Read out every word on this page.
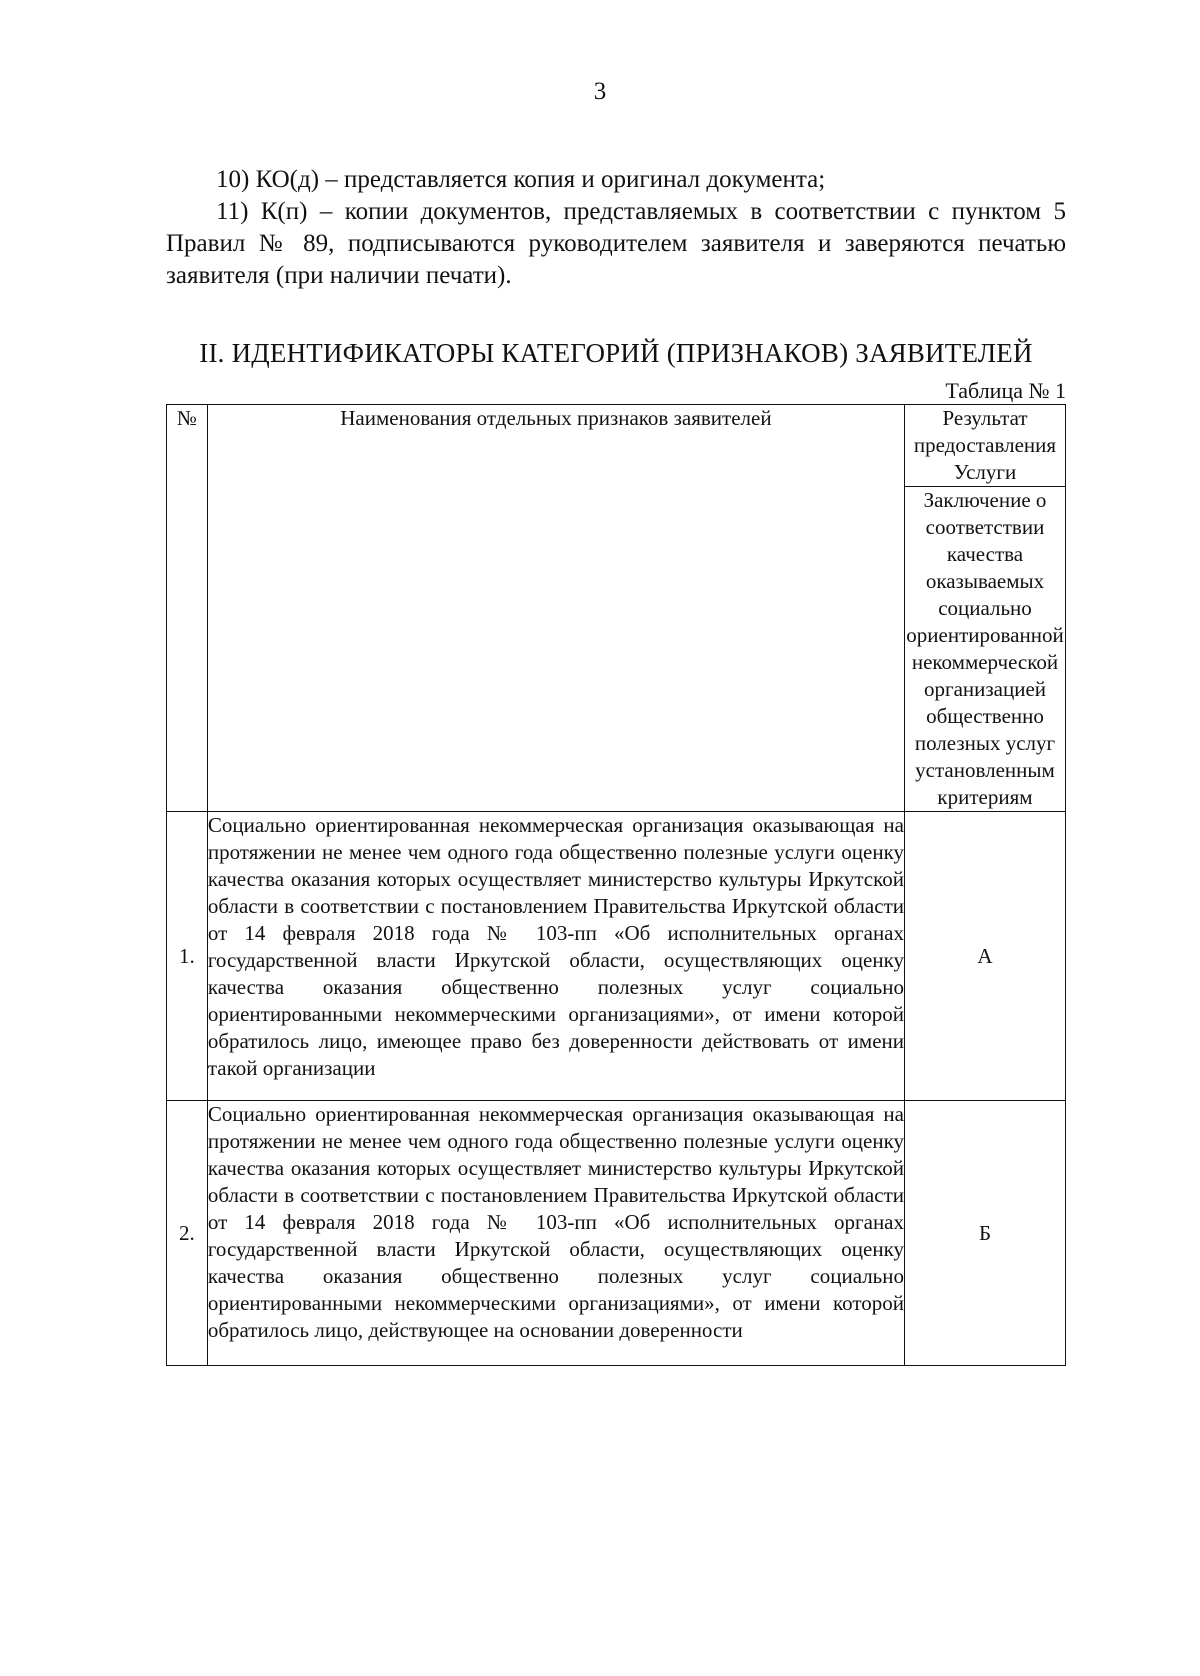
3

10) КО(д) – представляется копия и оригинал документа;

11) К(п) – копии документов, представляемых в соответствии с пунктом 5 Правил № 89, подписываются руководителем заявителя и заверяются печатью заявителя (при наличии печати).

II. ИДЕНТИФИКАТОРЫ КАТЕГОРИЙ (ПРИЗНАКОВ) ЗАЯВИТЕЛЕЙ
Таблица № 1
№	Наименования отдельных признаков заявителей	Результат предоставления Услуги
		Заключение о соответствии качества оказываемых социально ориентированной некоммерческой организацией общественно полезных услуг установленным критериям
1.	Социально ориентированная некоммерческая организация оказывающая на протяжении не менее чем одного года общественно полезные услуги оценку качества оказания которых осуществляет министерство культуры Иркутской области в соответствии с постановлением Правительства Иркутской области от 14 февраля 2018 года № 103-пп «Об исполнительных органах государственной власти Иркутской области, осуществляющих оценку качества оказания общественно полезных услуг социально ориентированными некоммерческими организациями», от имени которой обратилось лицо, имеющее право без доверенности действовать от имени такой организации	А
2.	Социально ориентированная некоммерческая организация оказывающая на протяжении не менее чем одного года общественно полезные услуги оценку качества оказания которых осуществляет министерство культуры Иркутской области в соответствии с постановлением Правительства Иркутской области от 14 февраля 2018 года № 103-пп «Об исполнительных органах государственной власти Иркутской области, осуществляющих оценку качества оказания общественно полезных услуг социально ориентированными некоммерческими организациями», от имени которой обратилось лицо, действующее на основании доверенности	Б
